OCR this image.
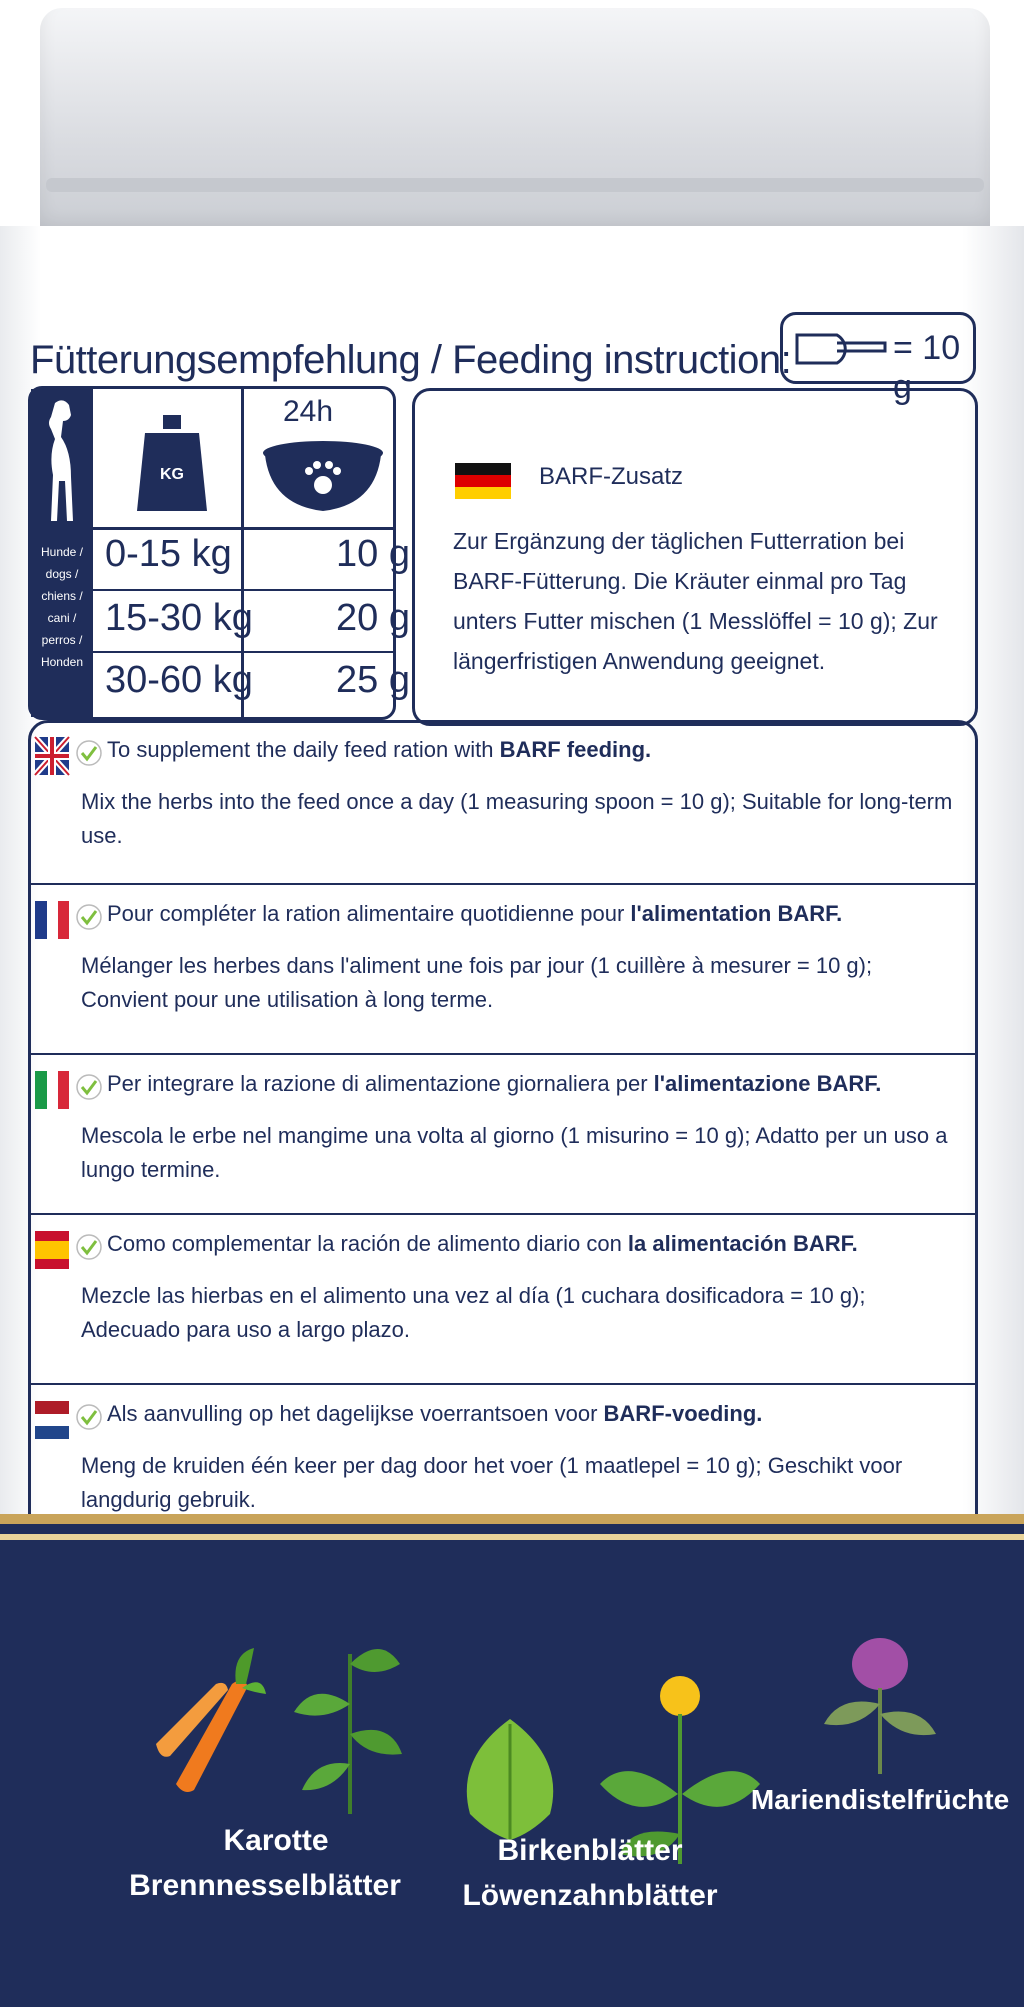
Fütterungsempfehlung / Feeding instruction:	= 10 g
Hunde /
dogs /
chiens /
cani /
perros /
Honden
KG
24h
0-15 kg	10 g
15-30 kg	20 g
30-60 kg	25 g
BARF-Zusatz
Zur Ergänzung der täglichen Futterration bei BARF-Fütterung. Die Kräuter einmal pro Tag unters Futter mischen (1 Messlöffel = 10 g); Zur längerfristigen Anwendung geeignet.
To supplement the daily feed ration with BARF feeding.
Mix the herbs into the feed once a day (1 measuring spoon = 10 g); Suitable for long-term use.
Pour compléter la ration alimentaire quotidienne pour l'alimentation BARF.
Mélanger les herbes dans l'aliment une fois par jour (1 cuillère à mesurer = 10 g); Convient pour une utilisation à long terme.
Per integrare la razione di alimentazione giornaliera per l'alimentazione BARF.
Mescola le erbe nel mangime una volta al giorno (1 misurino = 10 g); Adatto per un uso a lungo termine.
Como complementar la ración de alimento diario con la alimentación BARF.
Mezcle las hierbas en el alimento una vez al día (1 cuchara dosificadora = 10 g); Adecuado para uso a largo plazo.
Als aanvulling op het dagelijkse voerrantsoen voor BARF-voeding.
Meng de kruiden één keer per dag door het voer (1 maatlepel = 10 g); Geschikt voor langdurig gebruik.
Karotte
Brennnesselblätter
Birkenblätter
Löwenzahnblätter
Mariendistelfrüchte
